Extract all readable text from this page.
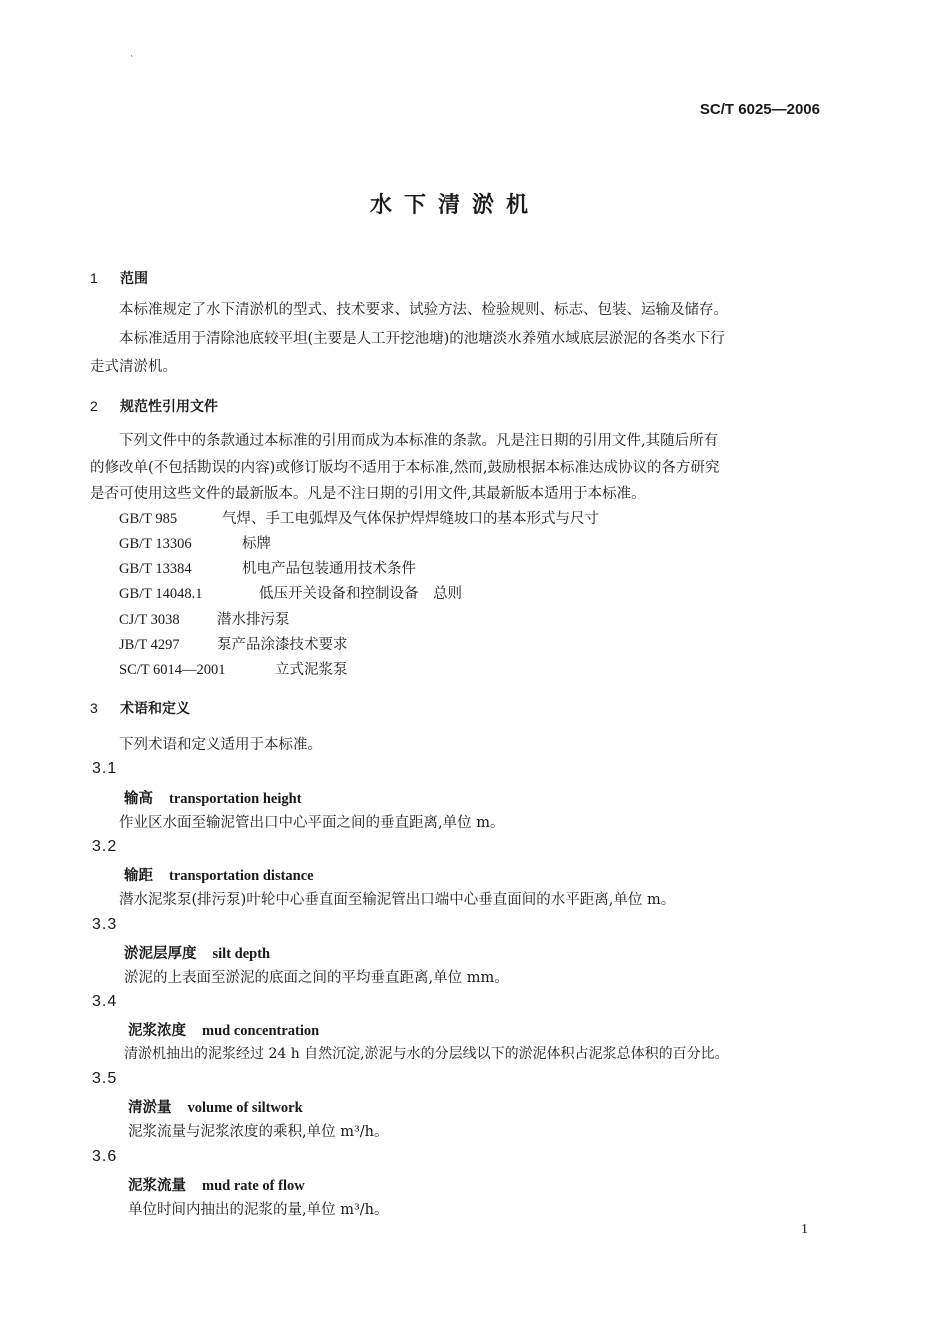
`
SC/T 6025—2006
水下清淤机
1 范围
本标准规定了水下清淤机的型式、技术要求、试验方法、检验规则、标志、包装、运输及储存。
本标准适用于清除池底较平坦(主要是人工开挖池塘)的池塘淡水养殖水域底层淤泥的各类水下行
走式清淤机。
2 规范性引用文件
下列文件中的条款通过本标准的引用而成为本标准的条款。凡是注日期的引用文件,其随后所有
的修改单(不包括勘误的内容)或修订版均不适用于本标准,然而,鼓励根据本标准达成协议的各方研究
是否可使用这些文件的最新版本。凡是不注日期的引用文件,其最新版本适用于本标准。
GB/T 985	气焊、手工电弧焊及气体保护焊焊缝坡口的基本形式与尺寸
GB/T 13306	标牌
GB/T 13384	机电产品包装通用技术条件
GB/T 14048.1	低压开关设备和控制设备　总则
CJ/T 3038	潜水排污泵
JB/T 4297	泵产品涂漆技术要求
SC/T 6014—2001	立式泥浆泵
3 术语和定义
下列术语和定义适用于本标准。
3.1
输高 transportation height
作业区水面至输泥管出口中心平面之间的垂直距离,单位 m。
3.2
输距 transportation distance
潜水泥浆泵(排污泵)叶轮中心垂直面至输泥管出口端中心垂直面间的水平距离,单位 m。
3.3
淤泥层厚度 silt depth
淤泥的上表面至淤泥的底面之间的平均垂直距离,单位 mm。
3.4
泥浆浓度 mud concentration
清淤机抽出的泥浆经过 24 h 自然沉淀,淤泥与水的分层线以下的淤泥体积占泥浆总体积的百分比。
3.5
清淤量 volume of siltwork
泥浆流量与泥浆浓度的乘积,单位 m³/h。
3.6
泥浆流量 mud rate of flow
单位时间内抽出的泥浆的量,单位 m³/h。
1
